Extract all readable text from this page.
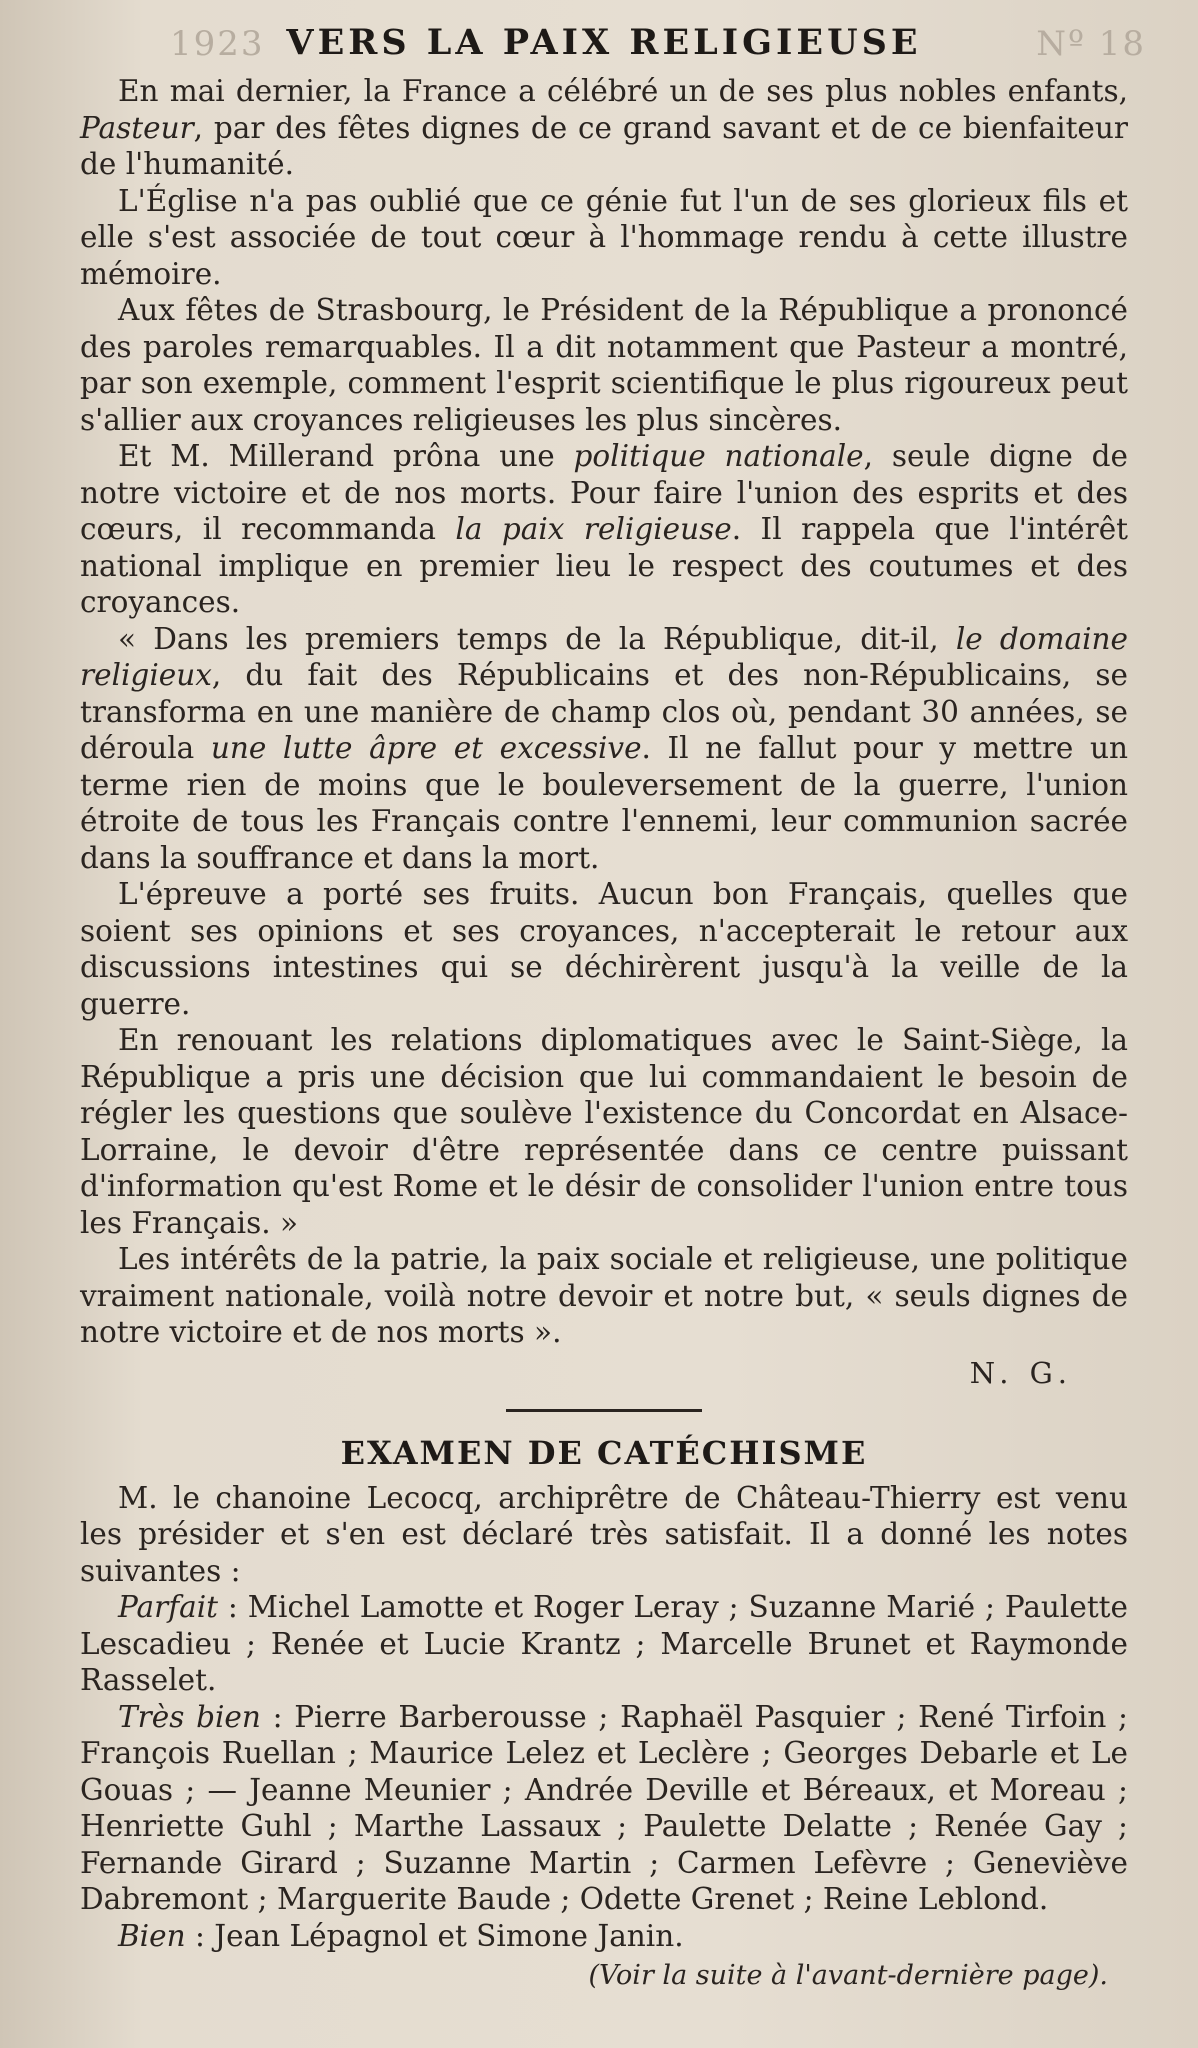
1923	Nº 18
VERS LA PAIX RELIGIEUSE

En mai dernier, la France a célébré un de ses plus nobles enfants, Pasteur, par des fêtes dignes de ce grand savant et de ce bienfaiteur de l'humanité.

L'Église n'a pas oublié que ce génie fut l'un de ses glorieux fils et elle s'est associée de tout cœur à l'hommage rendu à cette illustre mémoire.

Aux fêtes de Strasbourg, le Président de la République a prononcé des paroles remarquables. Il a dit notamment que Pasteur a montré, par son exemple, comment l'esprit scientifique le plus rigoureux peut s'allier aux croyances religieuses les plus sincères.

Et M. Millerand prôna une politique nationale, seule digne de notre victoire et de nos morts. Pour faire l'union des esprits et des cœurs, il recommanda la paix religieuse. Il rappela que l'intérêt national implique en premier lieu le respect des coutumes et des croyances.

« Dans les premiers temps de la République, dit-il, le domaine religieux, du fait des Républicains et des non-Républicains, se transforma en une manière de champ clos où, pendant 30 années, se déroula une lutte âpre et excessive. Il ne fallut pour y mettre un terme rien de moins que le bouleversement de la guerre, l'union étroite de tous les Français contre l'ennemi, leur communion sacrée dans la souffrance et dans la mort.

L'épreuve a porté ses fruits. Aucun bon Français, quelles que soient ses opinions et ses croyances, n'accepterait le retour aux discussions intestines qui se déchirèrent jusqu'à la veille de la guerre.

En renouant les relations diplomatiques avec le Saint-Siège, la République a pris une décision que lui commandaient le besoin de régler les questions que soulève l'existence du Concordat en Alsace-Lorraine, le devoir d'être représentée dans ce centre puissant d'information qu'est Rome et le désir de consolider l'union entre tous les Français. »

Les intérêts de la patrie, la paix sociale et religieuse, une politique vraiment nationale, voilà notre devoir et notre but, « seuls dignes de notre victoire et de nos morts ».

N. G.
EXAMEN DE CATÉCHISME

M. le chanoine Lecocq, archiprêtre de Château-Thierry est venu les présider et s'en est déclaré très satisfait. Il a donné les notes suivantes :

Parfait : Michel Lamotte et Roger Leray ; Suzanne Marié ; Paulette Lescadieu ; Renée et Lucie Krantz ; Marcelle Brunet et Raymonde Rasselet.

Très bien : Pierre Barberousse ; Raphaël Pasquier ; René Tirfoin ; François Ruellan ; Maurice Lelez et Leclère ; Georges Debarle et Le Gouas ; — Jeanne Meunier ; Andrée Deville et Béreaux, et Moreau ; Henriette Guhl ; Marthe Lassaux ; Paulette Delatte ; Renée Gay ; Fernande Girard ; Suzanne Martin ; Carmen Lefèvre ; Geneviève Dabremont ; Marguerite Baude ; Odette Grenet ; Reine Leblond.

Bien : Jean Lépagnol et Simone Janin.

(Voir la suite à l'avant-dernière page).
